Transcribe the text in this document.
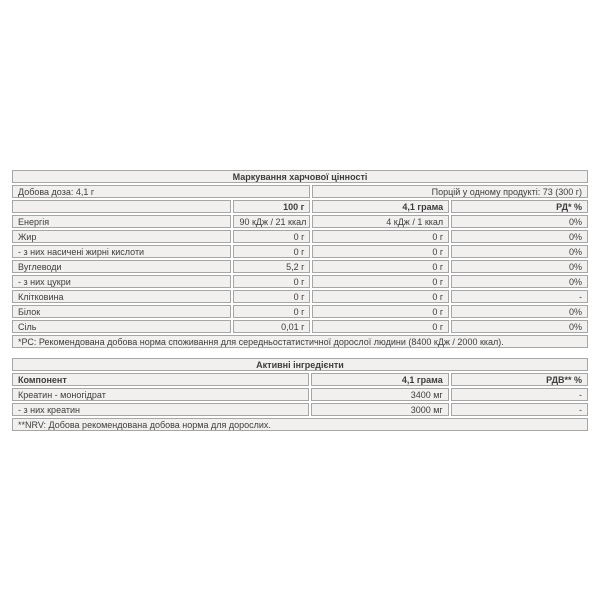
Маркування харчової цінності			
Добова доза: 4,1 г		Порцій у одному продукті: 73 (300 г)	
	100 г	4,1 грама	РД* %
Енергія	90 кДж / 21 ккал	4 кДж / 1 ккал	0%
Жир	0 г	0 г	0%
- з них насичені жирні кислоти	0 г	0 г	0%
Вуглеводи	5,2 г	0 г	0%
- з них цукри	0 г	0 г	0%
Клітковина	0 г	0 г	-
Білок	0 г	0 г	0%
Сіль	0,01 г	0 г	0%
*РС: Рекомендована добова норма споживання для середньостатистичної дорослої людини (8400 кДж / 2000 ккал).			
Активні інгредієнти		
Компонент	4,1 грама	РДВ** %
Креатин - моногідрат	3400 мг	-
- з них креатин	3000 мг	-
**NRV: Добова рекомендована добова норма для дорослих.		
